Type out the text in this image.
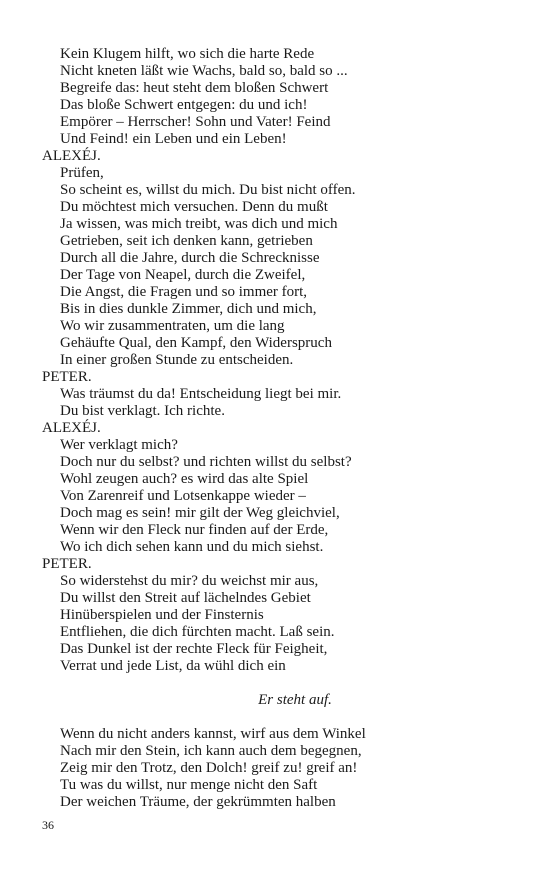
Kein Klugem hilft, wo sich die harte Rede
Nicht kneten läßt wie Wachs, bald so, bald so ...
Begreife das: heut steht dem bloßen Schwert
Das bloße Schwert entgegen: du und ich!
Empörer – Herrscher! Sohn und Vater! Feind
Und Feind! ein Leben und ein Leben!
ALEXÉJ.
Prüfen,
So scheint es, willst du mich. Du bist nicht offen.
Du möchtest mich versuchen. Denn du mußt
Ja wissen, was mich treibt, was dich und mich
Getrieben, seit ich denken kann, getrieben
Durch all die Jahre, durch die Schrecknisse
Der Tage von Neapel, durch die Zweifel,
Die Angst, die Fragen und so immer fort,
Bis in dies dunkle Zimmer, dich und mich,
Wo wir zusammentraten, um die lang
Gehäufte Qual, den Kampf, den Widerspruch
In einer großen Stunde zu entscheiden.
PETER.
Was träumst du da! Entscheidung liegt bei mir.
Du bist verklagt. Ich richte.
ALEXÉJ.
Wer verklagt mich?
Doch nur du selbst? und richten willst du selbst?
Wohl zeugen auch? es wird das alte Spiel
Von Zarenreif und Lotsenkappe wieder –
Doch mag es sein! mir gilt der Weg gleichviel,
Wenn wir den Fleck nur finden auf der Erde,
Wo ich dich sehen kann und du mich siehst.
PETER.
So widerstehst du mir? du weichst mir aus,
Du willst den Streit auf lächelndes Gebiet
Hinüberspielen und der Finsternis
Entfliehen, die dich fürchten macht. Laß sein.
Das Dunkel ist der rechte Fleck für Feigheit,
Verrat und jede List, da wühl dich ein
Er steht auf.
Wenn du nicht anders kannst, wirf aus dem Winkel
Nach mir den Stein, ich kann auch dem begegnen,
Zeig mir den Trotz, den Dolch! greif zu! greif an!
Tu was du willst, nur menge nicht den Saft
Der weichen Träume, der gekrümmten halben
36
